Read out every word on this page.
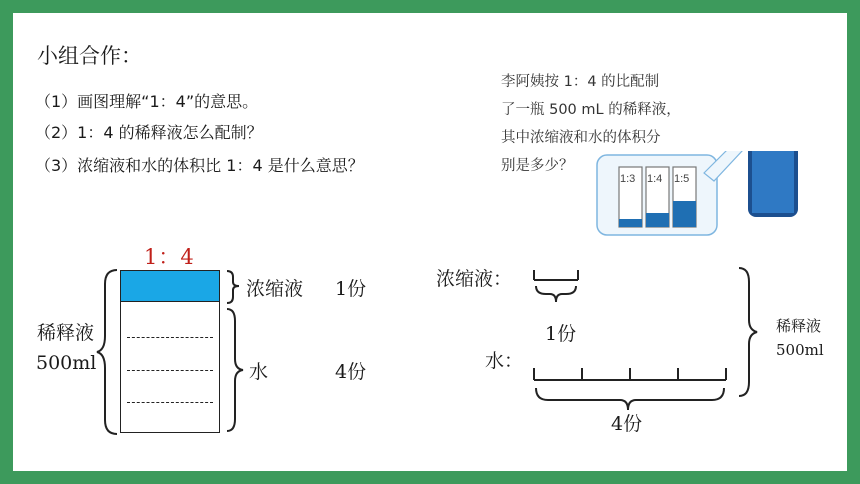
小组合作：
（1）画图理解“1：4”的意思。
（2）1：4 的稀释液怎么配制？
（3）浓缩液和水的体积比 1：4 是什么意思？
李阿姨按 1：4 的比配制
了一瓶 500 mL 的稀释液，
其中浓缩液和水的体积分
别是多少？
1:3 1:4 1:5
1：4
稀释液
500ml
浓缩液 1份
水	4份
浓缩液：
水：
1份
4份
稀释液
500ml
